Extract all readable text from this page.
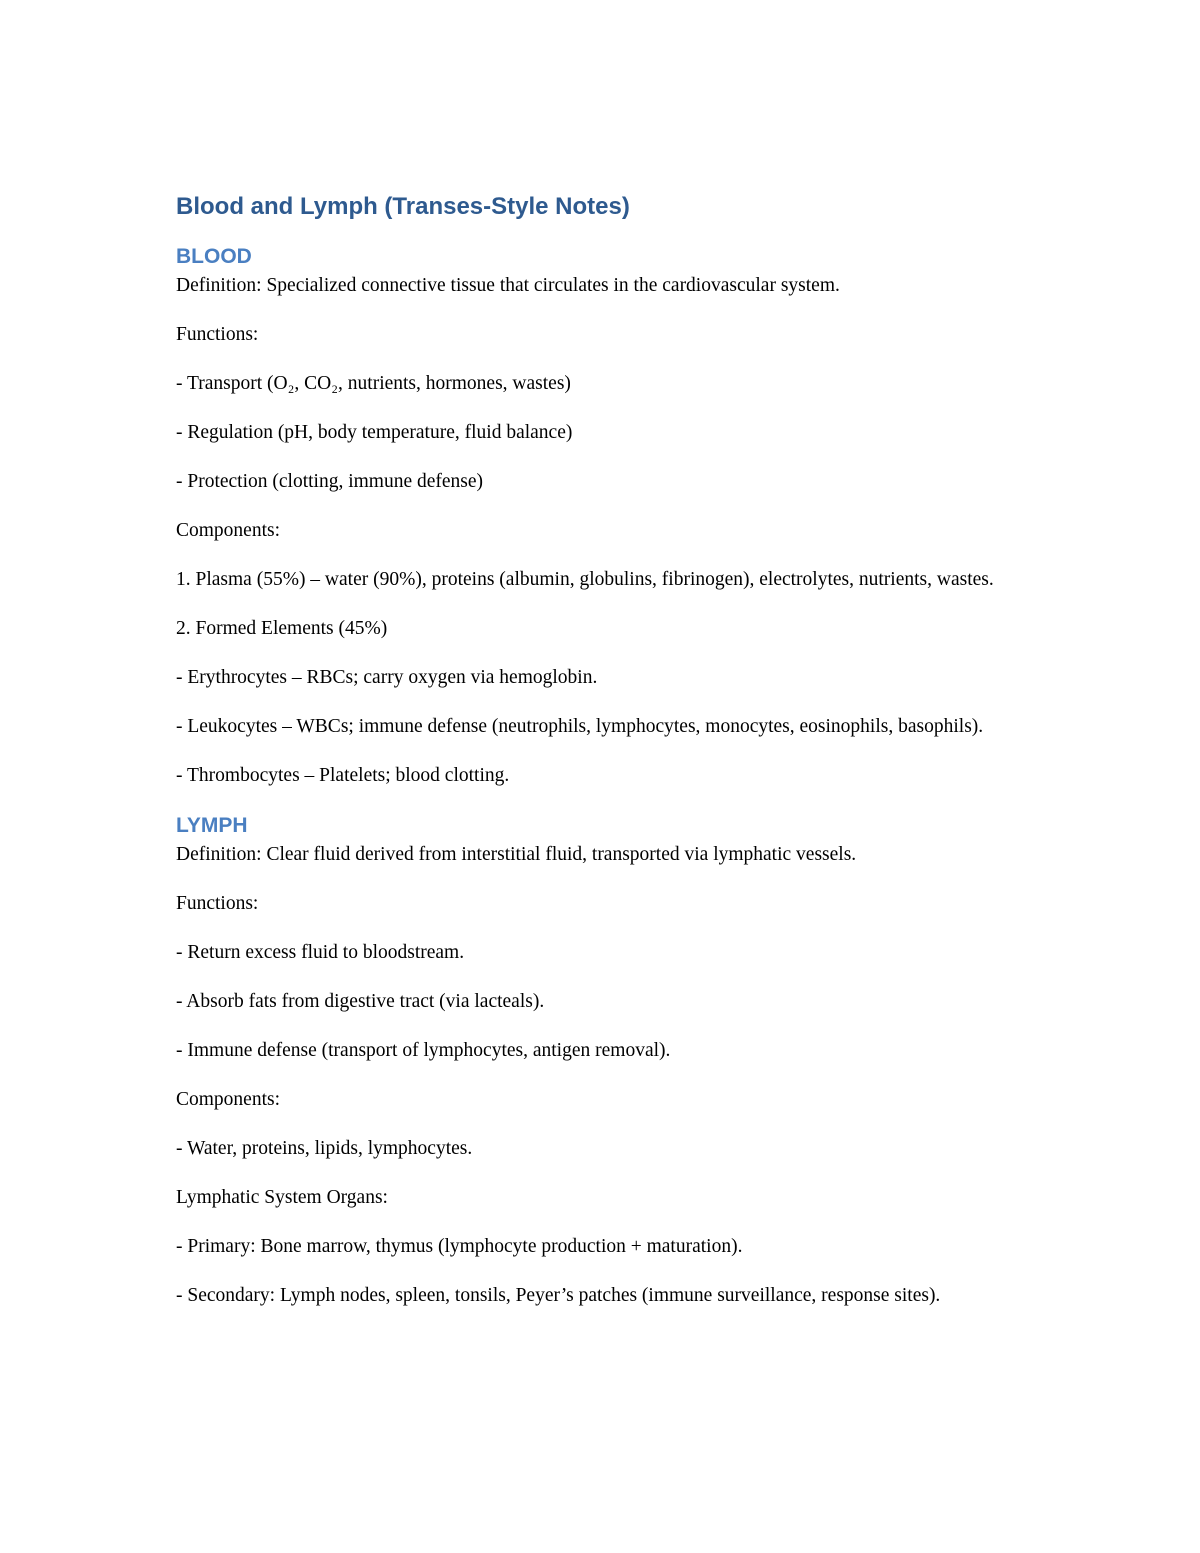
Blood and Lymph (Transes-Style Notes)
BLOOD

Definition: Specialized connective tissue that circulates in the cardiovascular system.

Functions:

- Transport (O₂, CO₂, nutrients, hormones, wastes)

- Regulation (pH, body temperature, fluid balance)

- Protection (clotting, immune defense)

Components:

1. Plasma (55%) – water (90%), proteins (albumin, globulins, fibrinogen), electrolytes, nutrients, wastes.

2. Formed Elements (45%)

- Erythrocytes – RBCs; carry oxygen via hemoglobin.

- Leukocytes – WBCs; immune defense (neutrophils, lymphocytes, monocytes, eosinophils, basophils).

- Thrombocytes – Platelets; blood clotting.

LYMPH

Definition: Clear fluid derived from interstitial fluid, transported via lymphatic vessels.

Functions:

- Return excess fluid to bloodstream.

- Absorb fats from digestive tract (via lacteals).

- Immune defense (transport of lymphocytes, antigen removal).

Components:

- Water, proteins, lipids, lymphocytes.

Lymphatic System Organs:

- Primary: Bone marrow, thymus (lymphocyte production + maturation).

- Secondary: Lymph nodes, spleen, tonsils, Peyer’s patches (immune surveillance, response sites).
